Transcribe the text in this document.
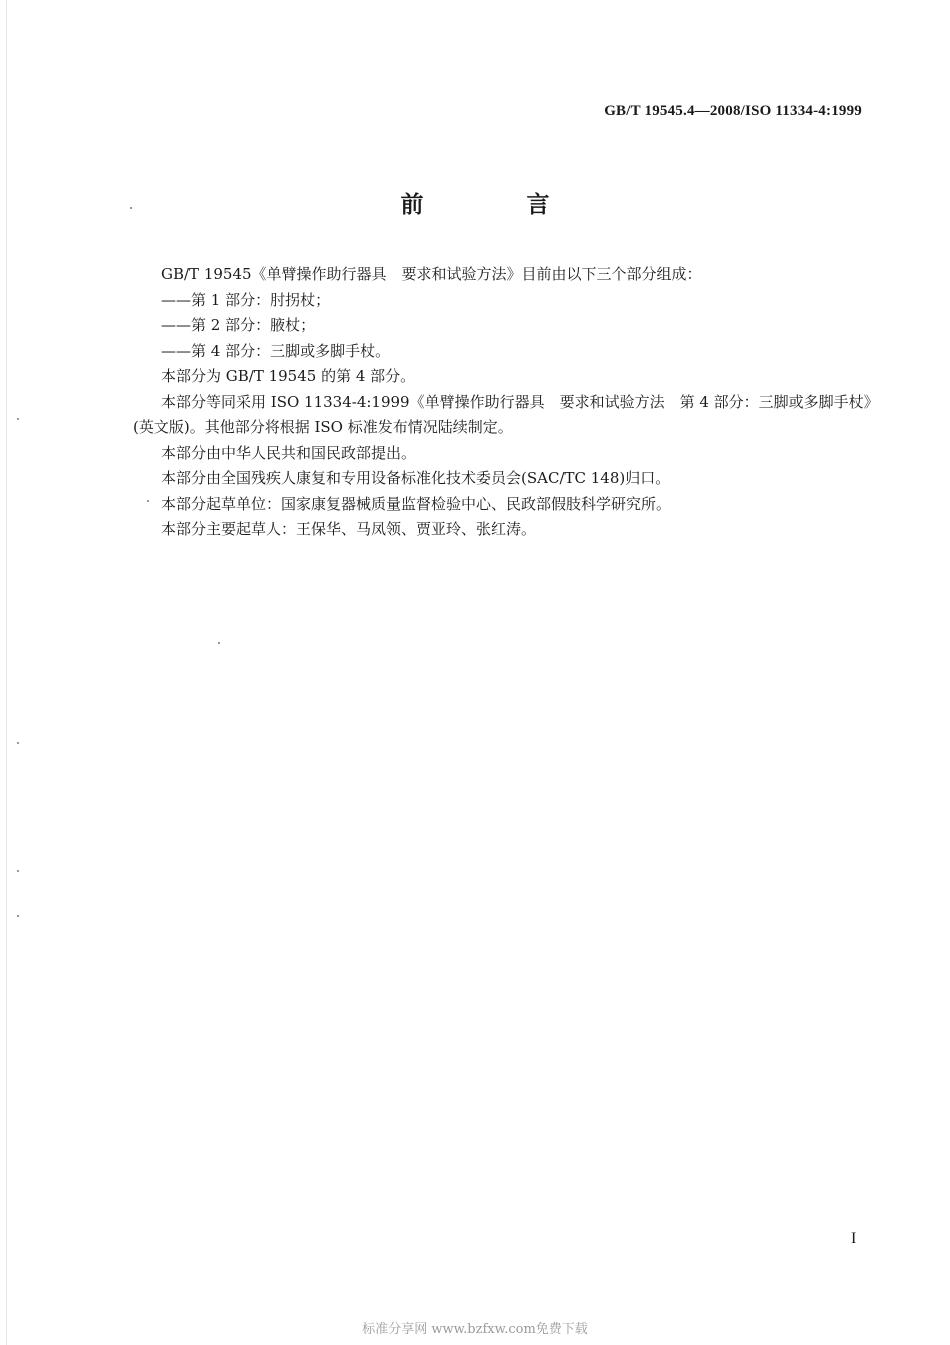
GB/T 19545.4—2008/ISO 11334-4:1999
前　言

GB/T 19545《单臂操作助行器具　要求和试验方法》目前由以下三个部分组成：

——第 1 部分：肘拐杖；

——第 2 部分：腋杖；

——第 4 部分：三脚或多脚手杖。

本部分为 GB/T 19545 的第 4 部分。

本部分等同采用 ISO 11334-4:1999《单臂操作助行器具　要求和试验方法　第 4 部分：三脚或多脚手杖》(英文版)。其他部分将根据 ISO 标准发布情况陆续制定。

本部分由中华人民共和国民政部提出。

本部分由全国残疾人康复和专用设备标准化技术委员会(SAC/TC 148)归口。

本部分起草单位：国家康复器械质量监督检验中心、民政部假肢科学研究所。

本部分主要起草人：王保华、马凤领、贾亚玲、张红涛。

I
标准分享网 www.bzfxw.com免费下载
